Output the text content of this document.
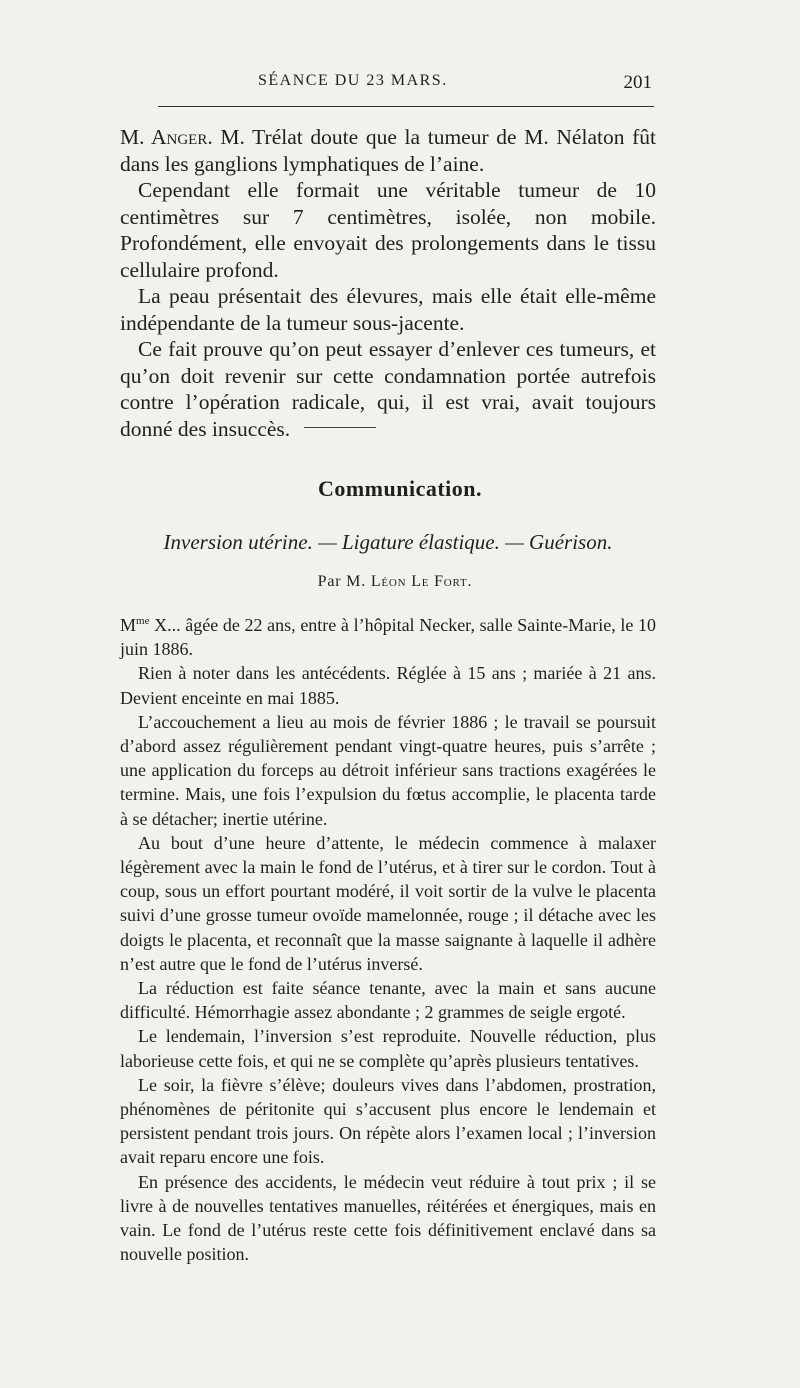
SÉANCE DU 23 MARS.	201

M. Anger. M. Trélat doute que la tumeur de M. Nélaton fût dans les ganglions lymphatiques de l’aine.

Cependant elle formait une véritable tumeur de 10 centimètres sur 7 centimètres, isolée, non mobile. Profondément, elle envoyait des prolongements dans le tissu cellulaire profond.

La peau présentait des élevures, mais elle était elle-même indépendante de la tumeur sous-jacente.

Ce fait prouve qu’on peut essayer d’enlever ces tumeurs, et qu’on doit revenir sur cette condamnation portée autrefois contre l’opération radicale, qui, il est vrai, avait toujours donné des insuccès.

Communication.
Inversion utérine. — Ligature élastique. — Guérison.
Par M. Léon Le Fort.

$M^{me}$ X... âgée de 22 ans, entre à l’hôpital Necker, salle Sainte-Marie, le 10 juin 1886.

Rien à noter dans les antécédents. Réglée à 15 ans ; mariée à 21 ans. Devient enceinte en mai 1885.

L’accouchement a lieu au mois de février 1886 ; le travail se poursuit d’abord assez régulièrement pendant vingt-quatre heures, puis s’arrête ; une application du forceps au détroit inférieur sans tractions exagérées le termine. Mais, une fois l’expulsion du fœtus accomplie, le placenta tarde à se détacher; inertie utérine.

Au bout d’une heure d’attente, le médecin commence à malaxer légèrement avec la main le fond de l’utérus, et à tirer sur le cordon. Tout à coup, sous un effort pourtant modéré, il voit sortir de la vulve le placenta suivi d’une grosse tumeur ovoïde mamelonnée, rouge ; il détache avec les doigts le placenta, et reconnaît que la masse saignante à laquelle il adhère n’est autre que le fond de l’utérus inversé.

La réduction est faite séance tenante, avec la main et sans aucune difficulté. Hémorrhagie assez abondante ; 2 grammes de seigle ergoté.

Le lendemain, l’inversion s’est reproduite. Nouvelle réduction, plus laborieuse cette fois, et qui ne se complète qu’après plusieurs tentatives.

Le soir, la fièvre s’élève; douleurs vives dans l’abdomen, prostration, phénomènes de péritonite qui s’accusent plus encore le lendemain et persistent pendant trois jours. On répète alors l’examen local ; l’inversion avait reparu encore une fois.

En présence des accidents, le médecin veut réduire à tout prix ; il se livre à de nouvelles tentatives manuelles, réitérées et énergiques, mais en vain. Le fond de l’utérus reste cette fois définitivement enclavé dans sa nouvelle position.
